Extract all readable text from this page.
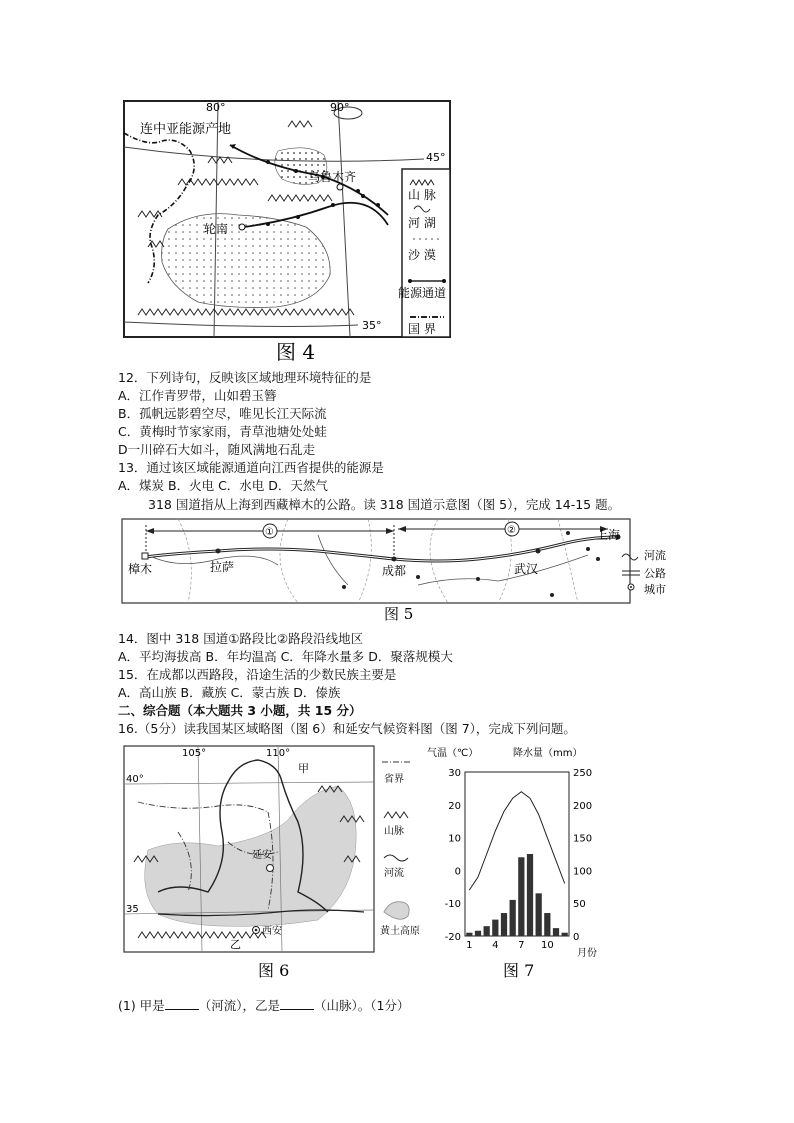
80°	90°
45°
35°
连中亚能源产地
乌鲁木齐
轮南
山 脉
河 湖
沙 漠
能源通道
国 界
图 4
12．下列诗句，反映该区域地理环境特征的是
A．江作青罗带，山如碧玉簪
B．孤帆远影碧空尽，唯见长江天际流
C．黄梅时节家家雨，青草池塘处处蛙
D一川碎石大如斗，随风满地石乱走
13．通过该区域能源通道向江西省提供的能源是
A．煤炭 B．火电 C．水电 D．天然气
318 国道指从上海到西藏樟木的公路。读 318 国道示意图（图 5），完成 14-15 题。
①	②
樟木	拉萨	成都	武汉
上海
河流
公路
城市
图 5
14．图中 318 国道①路段比②路段沿线地区
A．平均海拔高 B．年均温高 C．年降水量多 D．聚落规模大
15．在成都以西路段，沿途生活的少数民族主要是
A．高山族 B．藏族 C．蒙古族 D．傣族
二、综合题（本大题共 3 小题，共 15 分）
16.（5分）读我国某区域略图（图 6）和延安气候资料图（图 7），完成下列问题。
延安
西安
甲
乙
105°	110°
40°
35
省界
山脉
河流
黄土高原
图 6
气温（℃）	降水量（mm）
30
20
10
0
-10
-20
250
200
150
100
50
0
1 4 7 10
月份
图 7
(1) 甲是	（河流），乙是	（山脉）。（1分）
